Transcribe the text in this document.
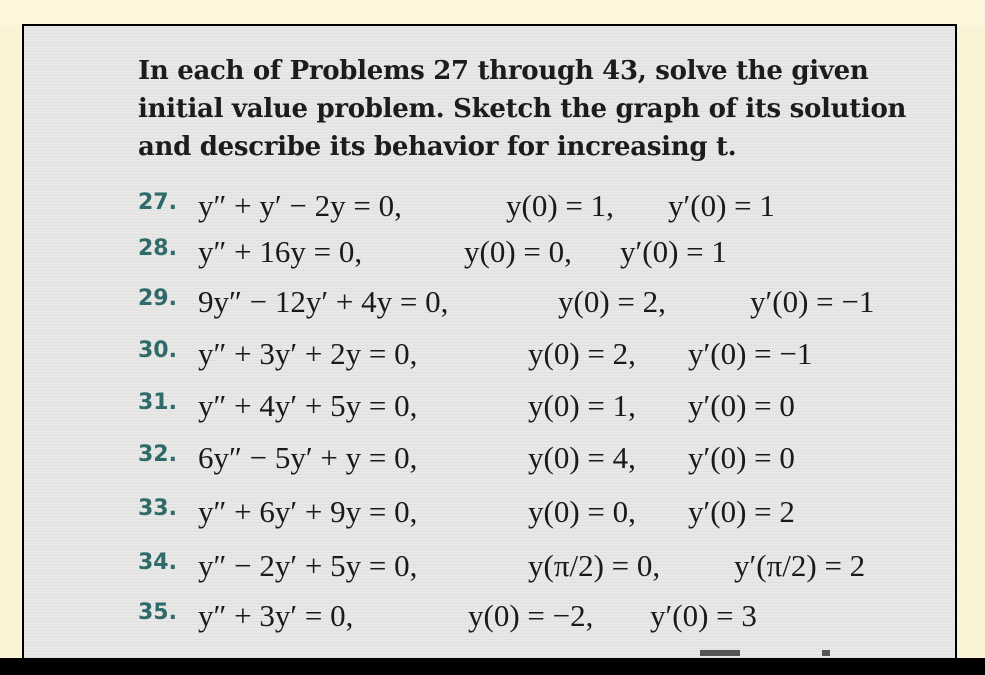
In each of Problems 27 through 43, solve the given initial value problem. Sketch the graph of its solution and describe its behavior for increasing t.
27. y″ + y′ − 2y = 0,	y(0) = 1, y′(0) = 1
28. y″ + 16y = 0,	y(0) = 0, y′(0) = 1
29. 9y″ − 12y′ + 4y = 0,	y(0) = 2,	y′(0) = −1
30. y″ + 3y′ + 2y = 0,	y(0) = 2, y′(0) = −1
31. y″ + 4y′ + 5y = 0,	y(0) = 1, y′(0) = 0
32. 6y″ − 5y′ + y = 0,	y(0) = 4, y′(0) = 0
33. y″ + 6y′ + 9y = 0,	y(0) = 0, y′(0) = 2
34. y″ − 2y′ + 5y = 0,	y(π/2) = 0, y′(π/2) = 2
35. y″ + 3y′ = 0,	y(0) = −2, y′(0) = 3
